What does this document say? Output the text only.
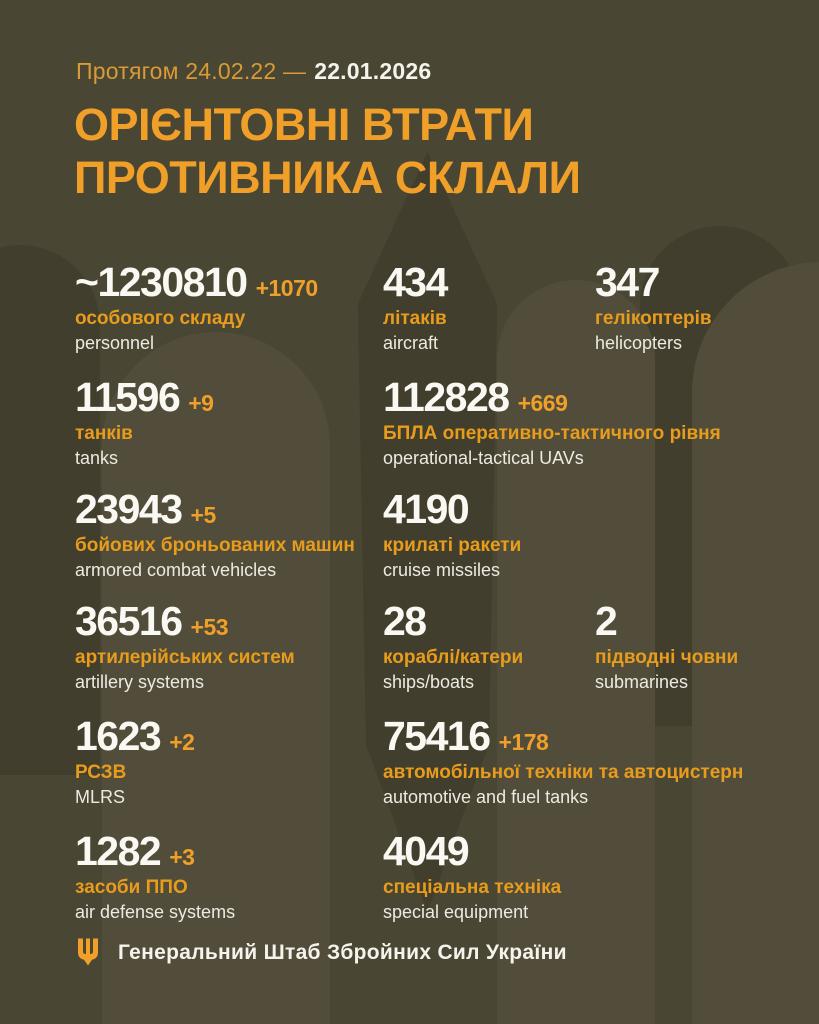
Протягом 24.02.22 — 22.01.2026
ОРІЄНТОВНІ ВТРАТИ
ПРОТИВНИКА СКЛАЛИ
~1230810 +1070
особового складу
personnel
434
літаків
aircraft
347
гелікоптерів
helicopters
11596 +9
танків
tanks
112828 +669
БПЛА оперативно-тактичного рівня
operational-tactical UAVs
23943 +5
бойових броньованих машин
armored combat vehicles
4190
крилаті ракети
cruise missiles
36516 +53
артилерійських систем
artillery systems
28
кораблі/катери
ships/boats
2
підводні човни
submarines
1623 +2
РСЗВ
MLRS
75416 +178
автомобільної техніки та автоцистерн
automotive and fuel tanks
1282 +3
засоби ППО
air defense systems
4049
спеціальна техніка
special equipment
Генеральний Штаб Збройних Сил України
